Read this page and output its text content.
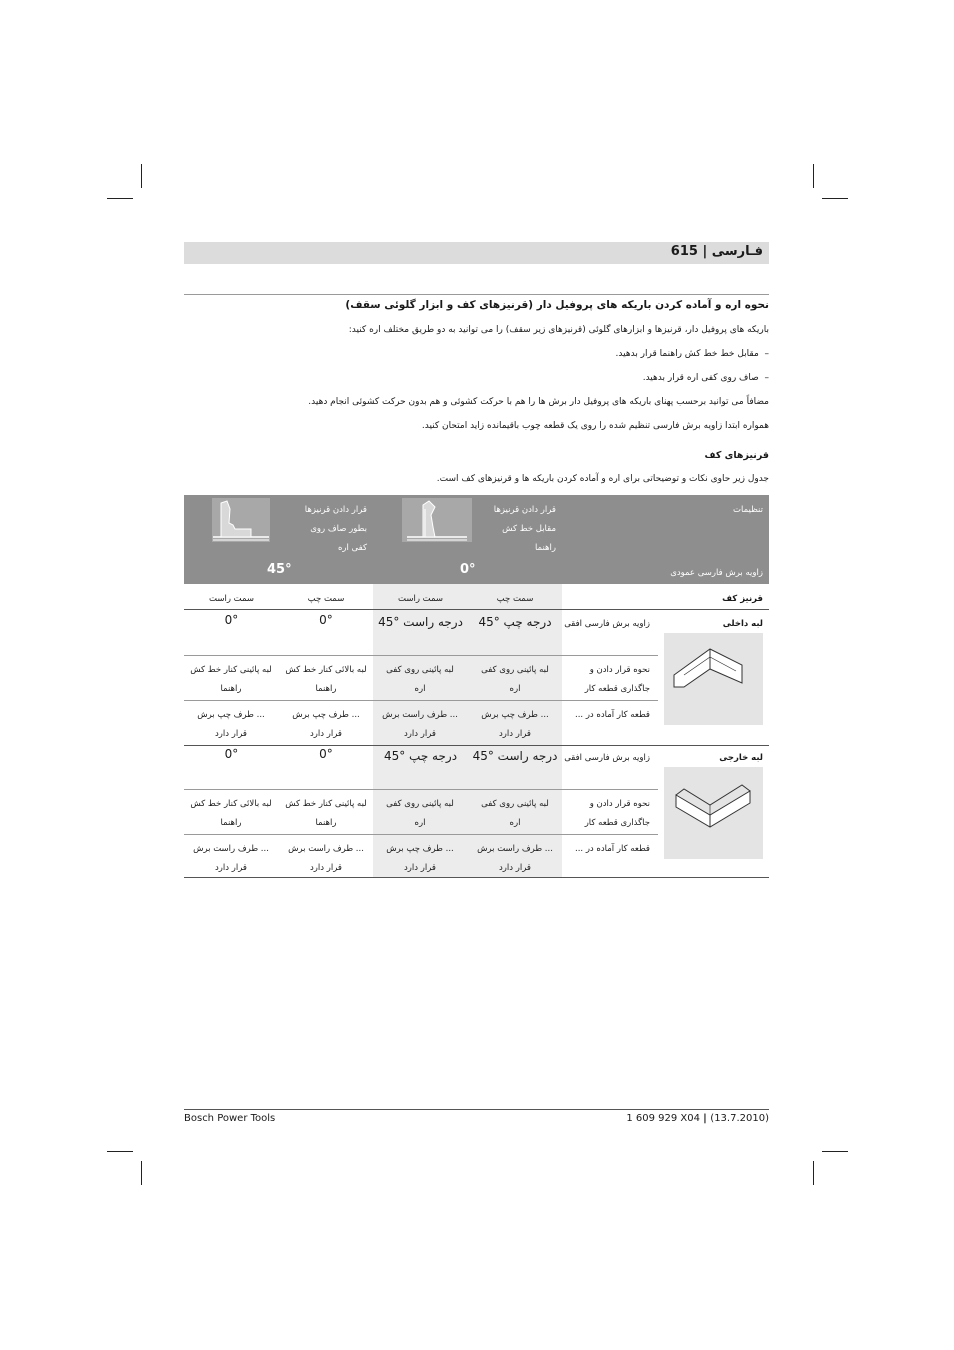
فـارسی | 615
نحوه اره و آماده کردن باریکه های پروفیل دار (قرنیزهای کف و ابزار گلوئی سقف)
باریکه های پروفیل دار، قرنیزها و ابزارهای گلوئی (قرنیزهای زیر سقف) را می توانید به دو طریق مختلف اره کنید:
–  مقابل خط خط کش راهنما قرار بدهید.
–  صاف روی کفی اره قرار بدهید.
مضافاً می توانید برحسب پهنای باریکه های پروفیل دار برش ها را هم با حرکت کشوئی و هم بدون حرکت کشوئی انجام دهید.
همواره ابتدا زاویه برش فارسی تنظیم شده را روی یک قطعه چوب باقیمانده زاید امتحان کنید.
قرنیزهای کف
جدول زیر حاوی نکات و توضیحاتی برای اره و آماده کردن باریکه ها و قرنیزهای کف است.
تنظیمات
زاویه برش فارسی عمودی
قرار دادن قرنیزها
مقابل خط کش
راهنما
0°
قرار دادن قرنیزها
بطور صاف روی
کفی اره
45°
قرنیز کف
سمت چپ
سمت راست
سمت چپ
سمت راست
لبه داخلی
زاویه برش فارسی افقی
45° درجه چپ
45° درجه راست
0°
0°
نحوه قرار دادن و جاگذاری قطعه کار
لبه پائینی روی کفی اره
لبه پائینی روی کفی اره
لبه بالائی کنار خط کش راهنما
لبه پائینی کنار خط کش راهنما
قطعه کار آماده در ...
... طرف چپ برش قرار دارد
... طرف راست برش قرار دارد
... طرف چپ برش قرار دارد
... طرف چپ برش قرار دارد
لبه خارجی
زاویه برش فارسی افقی
45° درجه راست
45° درجه چپ
0°
0°
نحوه قرار دادن و جاگذاری قطعه کار
لبه پائینی روی کفی اره
لبه پائینی روی کفی اره
لبه پائینی کنار خط کش راهنما
لبه بالائی کنار خط کش راهنما
قطعه کار آماده در ...
... طرف راست برش قرار دارد
... طرف چپ برش قرار دارد
... طرف راست برش قرار دارد
... طرف راست برش قرار دارد
Bosch Power Tools	1 609 929 X04 | (13.7.2010)
